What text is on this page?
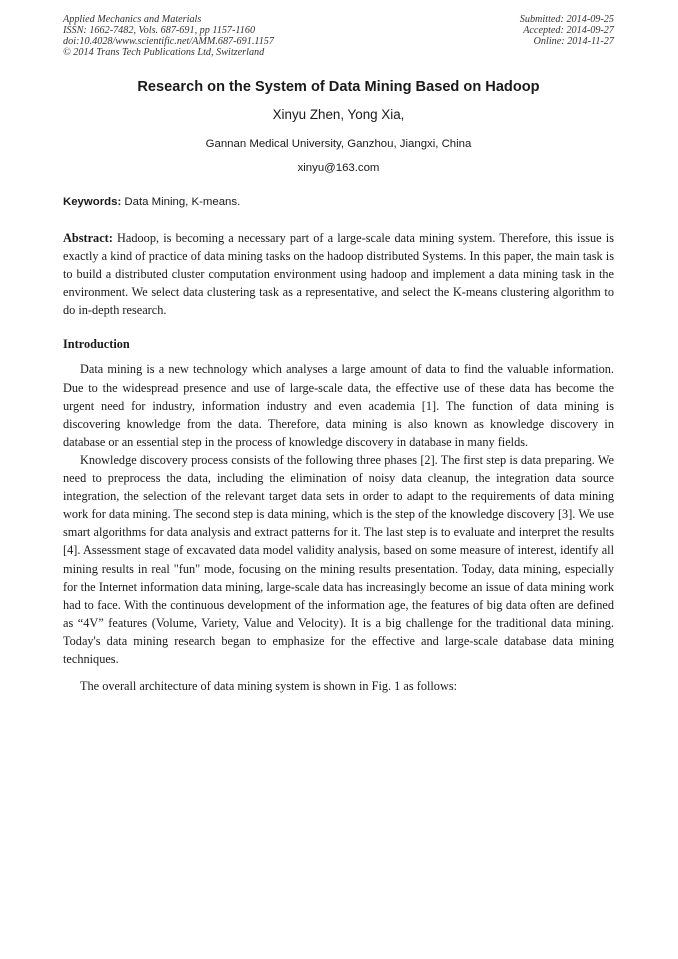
Applied Mechanics and Materials
ISSN: 1662-7482, Vols. 687-691, pp 1157-1160
doi:10.4028/www.scientific.net/AMM.687-691.1157
© 2014 Trans Tech Publications Ltd, Switzerland
Submitted: 2014-09-25
Accepted: 2014-09-27
Online: 2014-11-27
Research on the System of Data Mining Based on Hadoop
Xinyu Zhen, Yong Xia,
Gannan Medical University, Ganzhou, Jiangxi, China
xinyu@163.com
Keywords: Data Mining, K-means.
Abstract: Hadoop, is becoming a necessary part of a large-scale data mining system. Therefore, this issue is exactly a kind of practice of data mining tasks on the hadoop distributed Systems. In this paper, the main task is to build a distributed cluster computation environment using hadoop and implement a data mining task in the environment. We select data clustering task as a representative, and select the K-means clustering algorithm to do in-depth research.
Introduction

Data mining is a new technology which analyses a large amount of data to find the valuable information. Due to the widespread presence and use of large-scale data, the effective use of these data has become the urgent need for industry, information industry and even academia [1]. The function of data mining is discovering knowledge from the data. Therefore, data mining is also known as knowledge discovery in database or an essential step in the process of knowledge discovery in database in many fields.

Knowledge discovery process consists of the following three phases [2]. The first step is data preparing. We need to preprocess the data, including the elimination of noisy data cleanup, the integration data source integration, the selection of the relevant target data sets in order to adapt to the requirements of data mining work for data mining. The second step is data mining, which is the step of the knowledge discovery [3]. We use smart algorithms for data analysis and extract patterns for it. The last step is to evaluate and interpret the results [4]. Assessment stage of excavated data model validity analysis, based on some measure of interest, identify all mining results in real "fun" mode, focusing on the mining results presentation. Today, data mining, especially for the Internet information data mining, large-scale data has increasingly become an issue of data mining work had to face. With the continuous development of the information age, the features of big data often are defined as “4V” features (Volume, Variety, Value and Velocity). It is a big challenge for the traditional data mining. Today's data mining research began to emphasize for the effective and large-scale database data mining techniques.

The overall architecture of data mining system is shown in Fig. 1 as follows:
